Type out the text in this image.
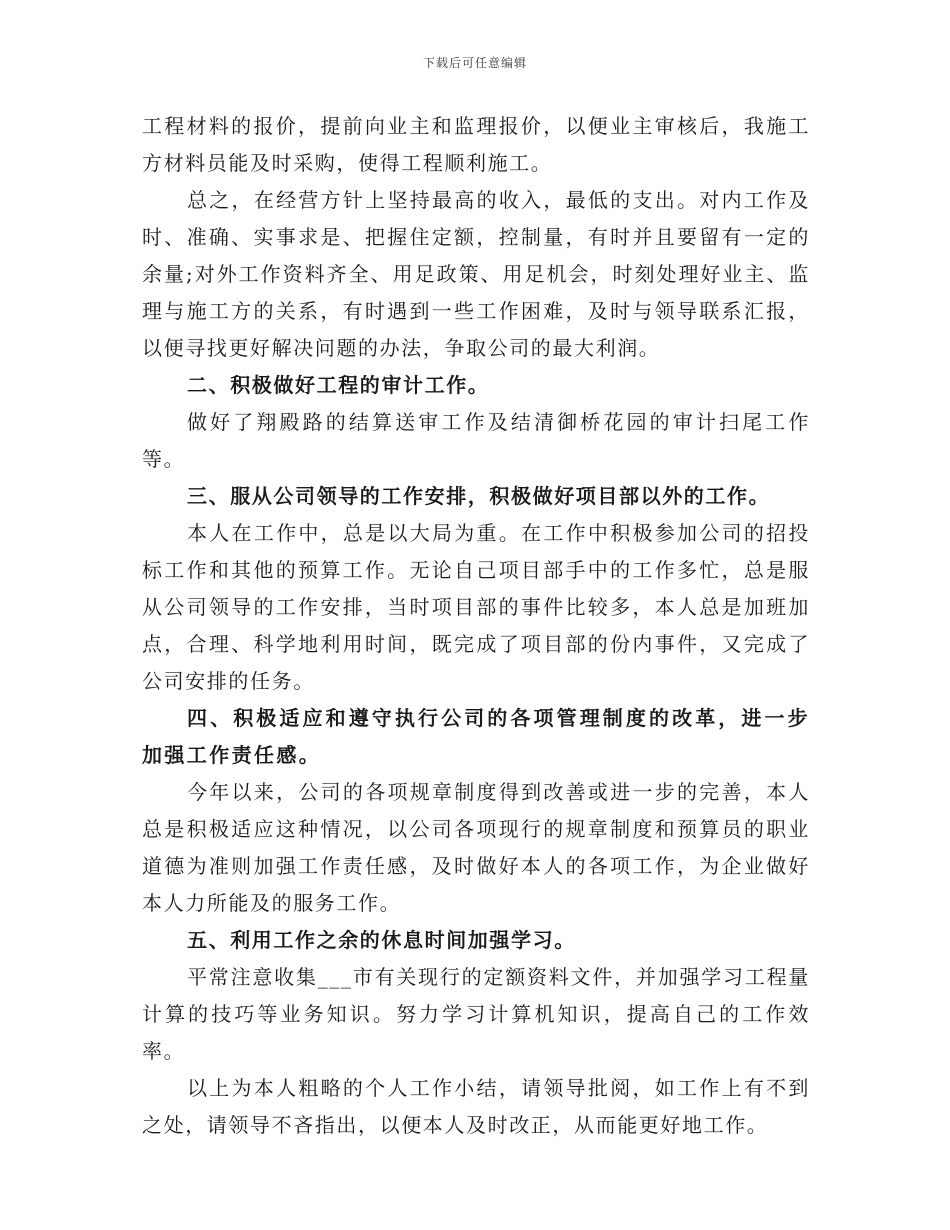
下载后可任意编辑

工程材料的报价，提前向业主和监理报价，以便业主审核后，我施工方材料员能及时采购，使得工程顺利施工。

总之，在经营方针上坚持最高的收入，最低的支出。对内工作及时、准确、实事求是、把握住定额，控制量，有时并且要留有一定的余量;对外工作资料齐全、用足政策、用足机会，时刻处理好业主、监理与施工方的关系，有时遇到一些工作困难，及时与领导联系汇报，以便寻找更好解决问题的办法，争取公司的最大利润。

二、积极做好工程的审计工作。

做好了翔殿路的结算送审工作及结清御桥花园的审计扫尾工作等。

三、服从公司领导的工作安排，积极做好项目部以外的工作。

本人在工作中，总是以大局为重。在工作中积极参加公司的招投标工作和其他的预算工作。无论自己项目部手中的工作多忙，总是服从公司领导的工作安排，当时项目部的事件比较多，本人总是加班加点，合理、科学地利用时间，既完成了项目部的份内事件，又完成了公司安排的任务。

四、积极适应和遵守执行公司的各项管理制度的改革，进一步加强工作责任感。

今年以来，公司的各项规章制度得到改善或进一步的完善，本人总是积极适应这种情况，以公司各项现行的规章制度和预算员的职业道德为准则加强工作责任感，及时做好本人的各项工作，为企业做好本人力所能及的服务工作。

五、利用工作之余的休息时间加强学习。

平常注意收集___市有关现行的定额资料文件，并加强学习工程量计算的技巧等业务知识。努力学习计算机知识，提高自己的工作效率。

以上为本人粗略的个人工作小结，请领导批阅，如工作上有不到之处，请领导不吝指出，以便本人及时改正，从而能更好地工作。
